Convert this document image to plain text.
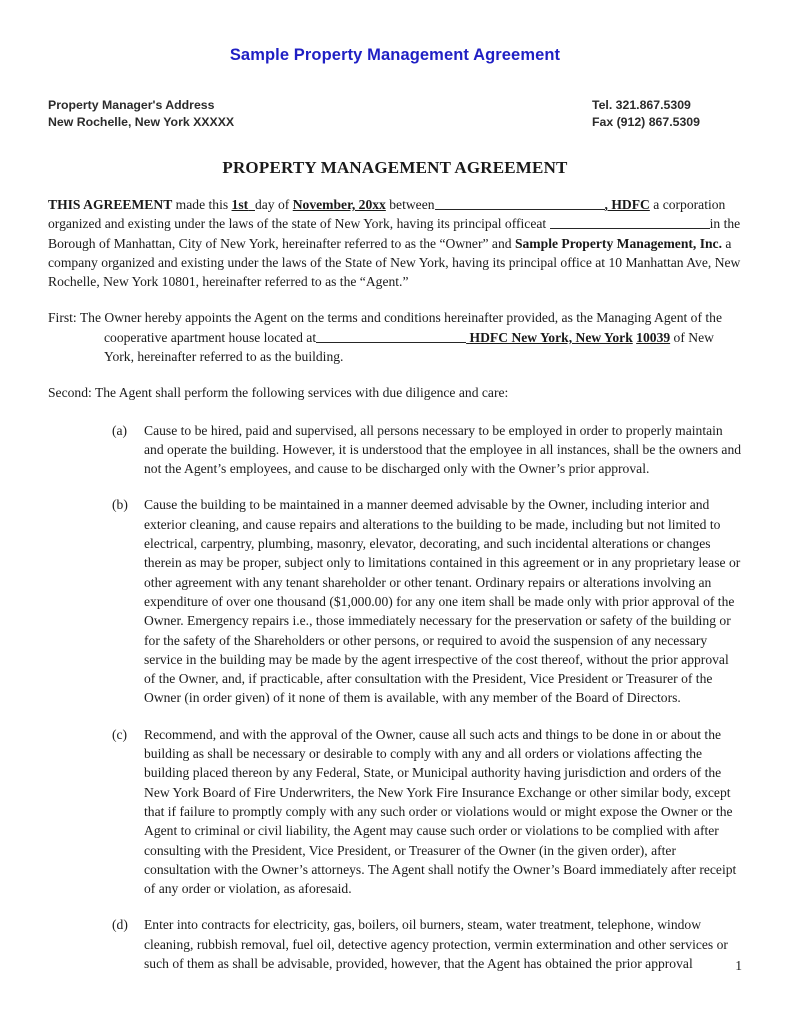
Sample Property Management Agreement
Property Manager's Address
New Rochelle, New York XXXXX
Tel. 321.867.5309
Fax (912) 867.5309
PROPERTY MANAGEMENT AGREEMENT

THIS AGREEMENT made this 1st day of November, 20xx between	, HDFC a corporation organized and existing under the laws of the state of New York, having its principal officeat	in the Borough of Manhattan, City of New York, hereinafter referred to as the “Owner” and Sample Property Management, Inc. a company organized and existing under the laws of the State of New York, having its principal office at 10 Manhattan Ave, New Rochelle, New York 10801, hereinafter referred to as the “Agent.”

First: The Owner hereby appoints the Agent on the terms and conditions hereinafter provided, as the Managing Agent of the cooperative apartment house located at	HDFC New York, New York 10039 of New York, hereinafter referred to as the building.

Second: The Agent shall perform the following services with due diligence and care:

(a)	Cause to be hired, paid and supervised, all persons necessary to be employed in order to properly maintain and operate the building. However, it is understood that the employee in all instances, shall be the owners and not the Agent’s employees, and cause to be discharged only with the Owner’s prior approval.
(b)	Cause the building to be maintained in a manner deemed advisable by the Owner, including interior and exterior cleaning, and cause repairs and alterations to the building to be made, including but not limited to electrical, carpentry, plumbing, masonry, elevator, decorating, and such incidental alterations or changes therein as may be proper, subject only to limitations contained in this agreement or in any proprietary lease or other agreement with any tenant shareholder or other tenant. Ordinary repairs or alterations involving an expenditure of over one thousand ($1,000.00) for any one item shall be made only with prior approval of the Owner. Emergency repairs i.e., those immediately necessary for the preservation or safety of the building or for the safety of the Shareholders or other persons, or required to avoid the suspension of any necessary service in the building may be made by the agent irrespective of the cost thereof, without the prior approval of the Owner, and, if practicable, after consultation with the President, Vice President or Treasurer of the Owner (in order given) of it none of them is available, with any member of the Board of Directors.
(c)	Recommend, and with the approval of the Owner, cause all such acts and things to be done in or about the building as shall be necessary or desirable to comply with any and all orders or violations affecting the building placed thereon by any Federal, State, or Municipal authority having jurisdiction and orders of the New York Board of Fire Underwriters, the New York Fire Insurance Exchange or other similar body, except that if failure to promptly comply with any such order or violations would or might expose the Owner or the Agent to criminal or civil liability, the Agent may cause such order or violations to be complied with after consulting with the President, Vice President, or Treasurer of the Owner (in the given order), after consultation with the Owner’s attorneys. The Agent shall notify the Owner’s Board immediately after receipt of any order or violation, as aforesaid.
(d)	Enter into contracts for electricity, gas, boilers, oil burners, steam, water treatment, telephone, window cleaning, rubbish removal, fuel oil, detective agency protection, vermin extermination and other services or such of them as shall be advisable, provided, however, that the Agent has obtained the prior approval	1
